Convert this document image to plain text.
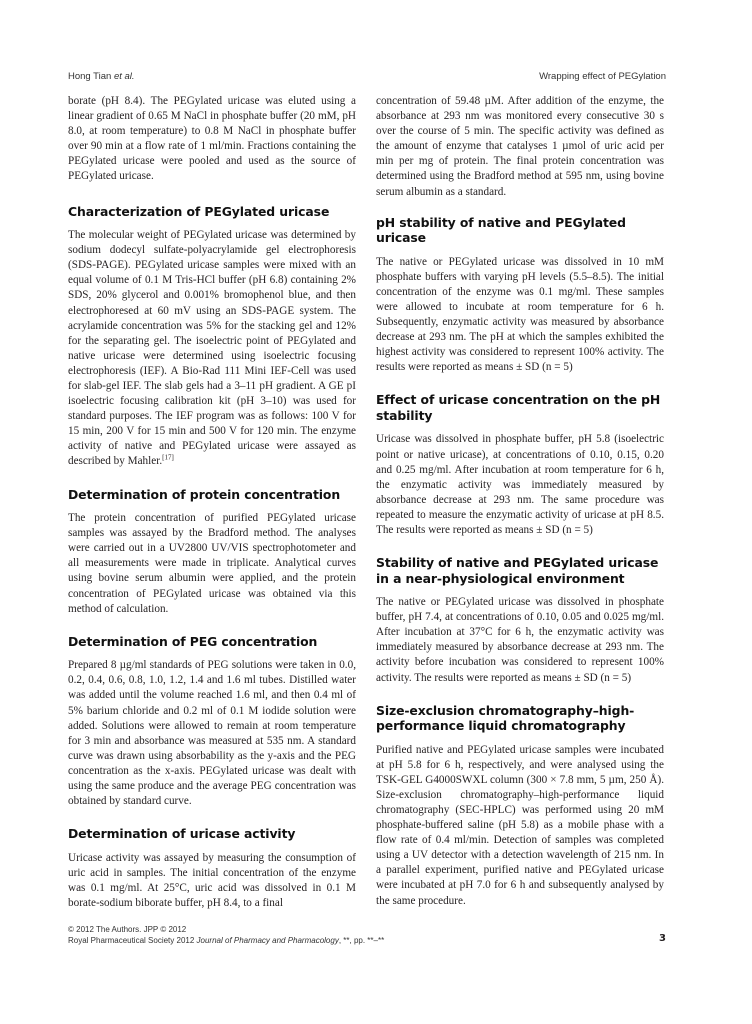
Hong Tian et al.	Wrapping effect of PEGylation

borate (pH 8.4). The PEGylated uricase was eluted using a linear gradient of 0.65 M NaCl in phosphate buffer (20 mM, pH 8.0, at room temperature) to 0.8 M NaCl in phosphate buffer over 90 min at a flow rate of 1 ml/min. Fractions containing the PEGylated uricase were pooled and used as the source of PEGylated uricase.

Characterization of PEGylated uricase

The molecular weight of PEGylated uricase was determined by sodium dodecyl sulfate-polyacrylamide gel electrophoresis (SDS-PAGE). PEGylated uricase samples were mixed with an equal volume of 0.1 M Tris-HCl buffer (pH 6.8) containing 2% SDS, 20% glycerol and 0.001% bromophenol blue, and then electrophoresed at 60 mV using an SDS-PAGE system. The acrylamide concentration was 5% for the stacking gel and 12% for the separating gel. The isoelectric point of PEGylated and native uricase were determined using isoelectric focusing electrophoresis (IEF). A Bio-Rad 111 Mini IEF-Cell was used for slab-gel IEF. The slab gels had a 3–11 pH gradient. A GE pI isoelectric focusing calibration kit (pH 3–10) was used for standard purposes. The IEF program was as follows: 100 V for 15 min, 200 V for 15 min and 500 V for 120 min. The enzyme activity of native and PEGylated uricase were assayed as described by Mahler.[17]

Determination of protein concentration

The protein concentration of purified PEGylated uricase samples was assayed by the Bradford method. The analyses were carried out in a UV2800 UV/VIS spectrophotometer and all measurements were made in triplicate. Analytical curves using bovine serum albumin were applied, and the protein concentration of PEGylated uricase was obtained via this method of calculation.

Determination of PEG concentration

Prepared 8 µg/ml standards of PEG solutions were taken in 0.0, 0.2, 0.4, 0.6, 0.8, 1.0, 1.2, 1.4 and 1.6 ml tubes. Distilled water was added until the volume reached 1.6 ml, and then 0.4 ml of 5% barium chloride and 0.2 ml of 0.1 M iodide solution were added. Solutions were allowed to remain at room temperature for 3 min and absorbance was measured at 535 nm. A standard curve was drawn using absorbability as the y-axis and the PEG concentration as the x-axis. PEGylated uricase was dealt with using the same produce and the average PEG concentration was obtained by standard curve.

Determination of uricase activity

Uricase activity was assayed by measuring the consumption of uric acid in samples. The initial concentration of the enzyme was 0.1 mg/ml. At 25°C, uric acid was dissolved in 0.1 M borate-sodium biborate buffer, pH 8.4, to a final

concentration of 59.48 µM. After addition of the enzyme, the absorbance at 293 nm was monitored every consecutive 30 s over the course of 5 min. The specific activity was defined as the amount of enzyme that catalyses 1 µmol of uric acid per min per mg of protein. The final protein concentration was determined using the Bradford method at 595 nm, using bovine serum albumin as a standard.

pH stability of native and PEGylated uricase

The native or PEGylated uricase was dissolved in 10 mM phosphate buffers with varying pH levels (5.5–8.5). The initial concentration of the enzyme was 0.1 mg/ml. These samples were allowed to incubate at room temperature for 6 h. Subsequently, enzymatic activity was measured by absorbance decrease at 293 nm. The pH at which the samples exhibited the highest activity was considered to represent 100% activity. The results were reported as means ± SD (n = 5)

Effect of uricase concentration on the pH stability

Uricase was dissolved in phosphate buffer, pH 5.8 (isoelectric point or native uricase), at concentrations of 0.10, 0.15, 0.20 and 0.25 mg/ml. After incubation at room temperature for 6 h, the enzymatic activity was immediately measured by absorbance decrease at 293 nm. The same procedure was repeated to measure the enzymatic activity of uricase at pH 8.5. The results were reported as means ± SD (n = 5)

Stability of native and PEGylated uricase in a near-physiological environment

The native or PEGylated uricase was dissolved in phosphate buffer, pH 7.4, at concentrations of 0.10, 0.05 and 0.025 mg/ml. After incubation at 37°C for 6 h, the enzymatic activity was immediately measured by absorbance decrease at 293 nm. The activity before incubation was considered to represent 100% activity. The results were reported as means ± SD (n = 5)

Size-exclusion chromatography–high-performance liquid chromatography

Purified native and PEGylated uricase samples were incubated at pH 5.8 for 6 h, respectively, and were analysed using the TSK-GEL G4000SWXL column (300 × 7.8 mm, 5 µm, 250 Å). Size-exclusion chromatography–high-performance liquid chromatography (SEC-HPLC) was performed using 20 mM phosphate-buffered saline (pH 5.8) as a mobile phase with a flow rate of 0.4 ml/min. Detection of samples was completed using a UV detector with a detection wavelength of 215 nm. In a parallel experiment, purified native and PEGylated uricase were incubated at pH 7.0 for 6 h and subsequently analysed by the same procedure.

© 2012 The Authors. JPP © 2012
Royal Pharmaceutical Society 2012 Journal of Pharmacy and Pharmacology, **, pp. **–**	3
